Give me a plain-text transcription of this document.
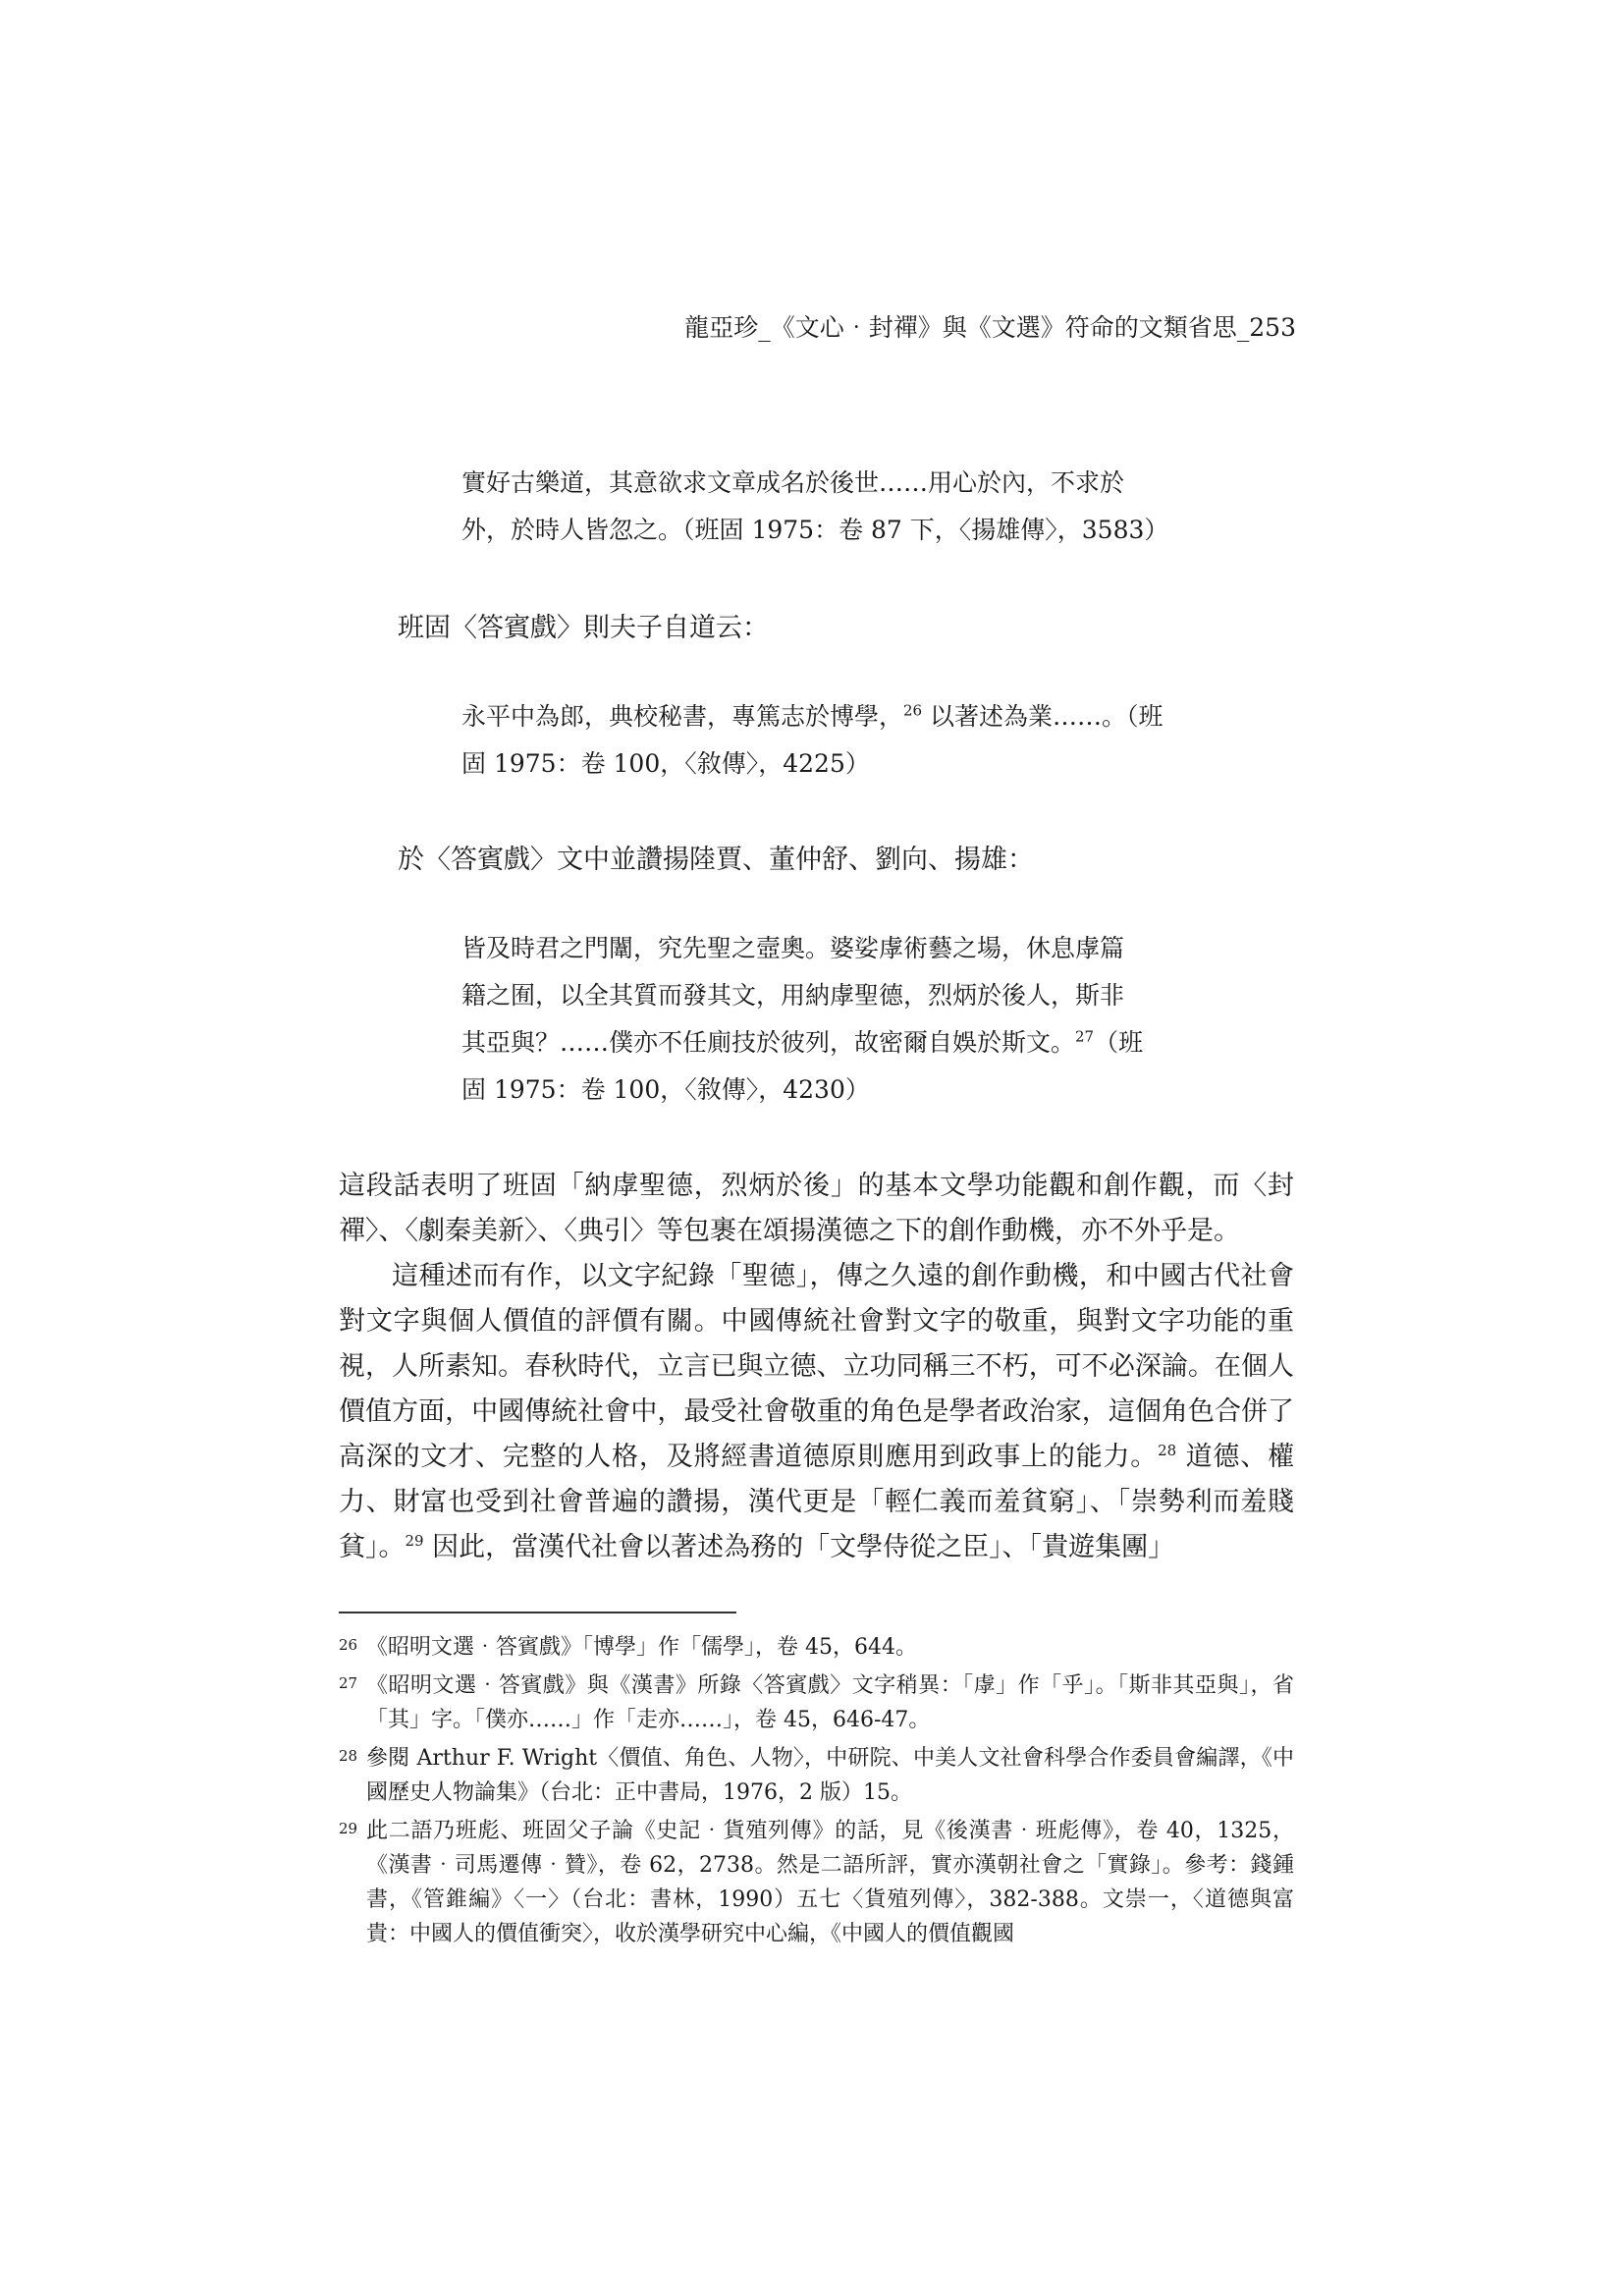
龍亞珍_《文心‧封禪》與《文選》符命的文類省思_253
實好古樂道，其意欲求文章成名於後世……用心於內，不求於
外，於時人皆忽之。（班固 1975：卷 87 下，〈揚雄傳〉，3583）
班固〈答賓戲〉則夫子自道云：
永平中為郎，典校秘書，專篤志於博學，$^{26}$ 以著述為業……。（班
固 1975：卷 100，〈敘傳〉，4225）
於〈答賓戲〉文中並讚揚陸賈、董仲舒、劉向、揚雄：
皆及時君之門闈，究先聖之壼奧。婆娑虖術藝之場，休息虖篇
籍之囿，以全其質而發其文，用納虖聖德，烈炳於後人，斯非
其亞與？……僕亦不任廁技於彼列，故密爾自娛於斯文。$^{27}$（班
固 1975：卷 100，〈敘傳〉，4230）
這段話表明了班固「納虖聖德，烈炳於後」的基本文學功能觀和創作觀，而〈封禪〉、〈劇秦美新〉、〈典引〉等包裹在頌揚漢德之下的創作動機，亦不外乎是。
這種述而有作，以文字紀錄「聖德」，傳之久遠的創作動機，和中國古代社會對文字與個人價值的評價有關。中國傳統社會對文字的敬重，與對文字功能的重視，人所素知。春秋時代，立言已與立德、立功同稱三不朽，可不必深論。在個人價值方面，中國傳統社會中，最受社會敬重的角色是學者政治家，這個角色合併了高深的文才、完整的人格，及將經書道德原則應用到政事上的能力。$^{28}$ 道德、權力、財富也受到社會普遍的讚揚，漢代更是「輕仁義而羞貧窮」、「崇勢利而羞賤貧」。$^{29}$ 因此，當漢代社會以著述為務的「文學侍從之臣」、「貴遊集團」
26 《昭明文選‧答賓戲》「博學」作「儒學」，卷 45，644。
27 《昭明文選‧答賓戲》與《漢書》所錄〈答賓戲〉文字稍異：「虖」作「乎」。「斯非其亞與」，省「其」字。「僕亦……」作「走亦……」，卷 45，646-47。
28 參閱 Arthur F. Wright〈價值、角色、人物〉，中研院、中美人文社會科學合作委員會編譯，《中國歷史人物論集》（台北：正中書局，1976，2 版）15。
29 此二語乃班彪、班固父子論《史記‧貨殖列傳》的話，見《後漢書‧班彪傳》，卷 40，1325，《漢書‧司馬遷傳‧贊》，卷 62，2738。然是二語所評，實亦漢朝社會之「實錄」。參考：錢鍾書，《管錐編》〈一〉（台北：書林，1990）五七〈貨殖列傳〉，382-388。文崇一，〈道德與富貴：中國人的價值衝突〉，收於漢學研究中心編，《中國人的價值觀國
